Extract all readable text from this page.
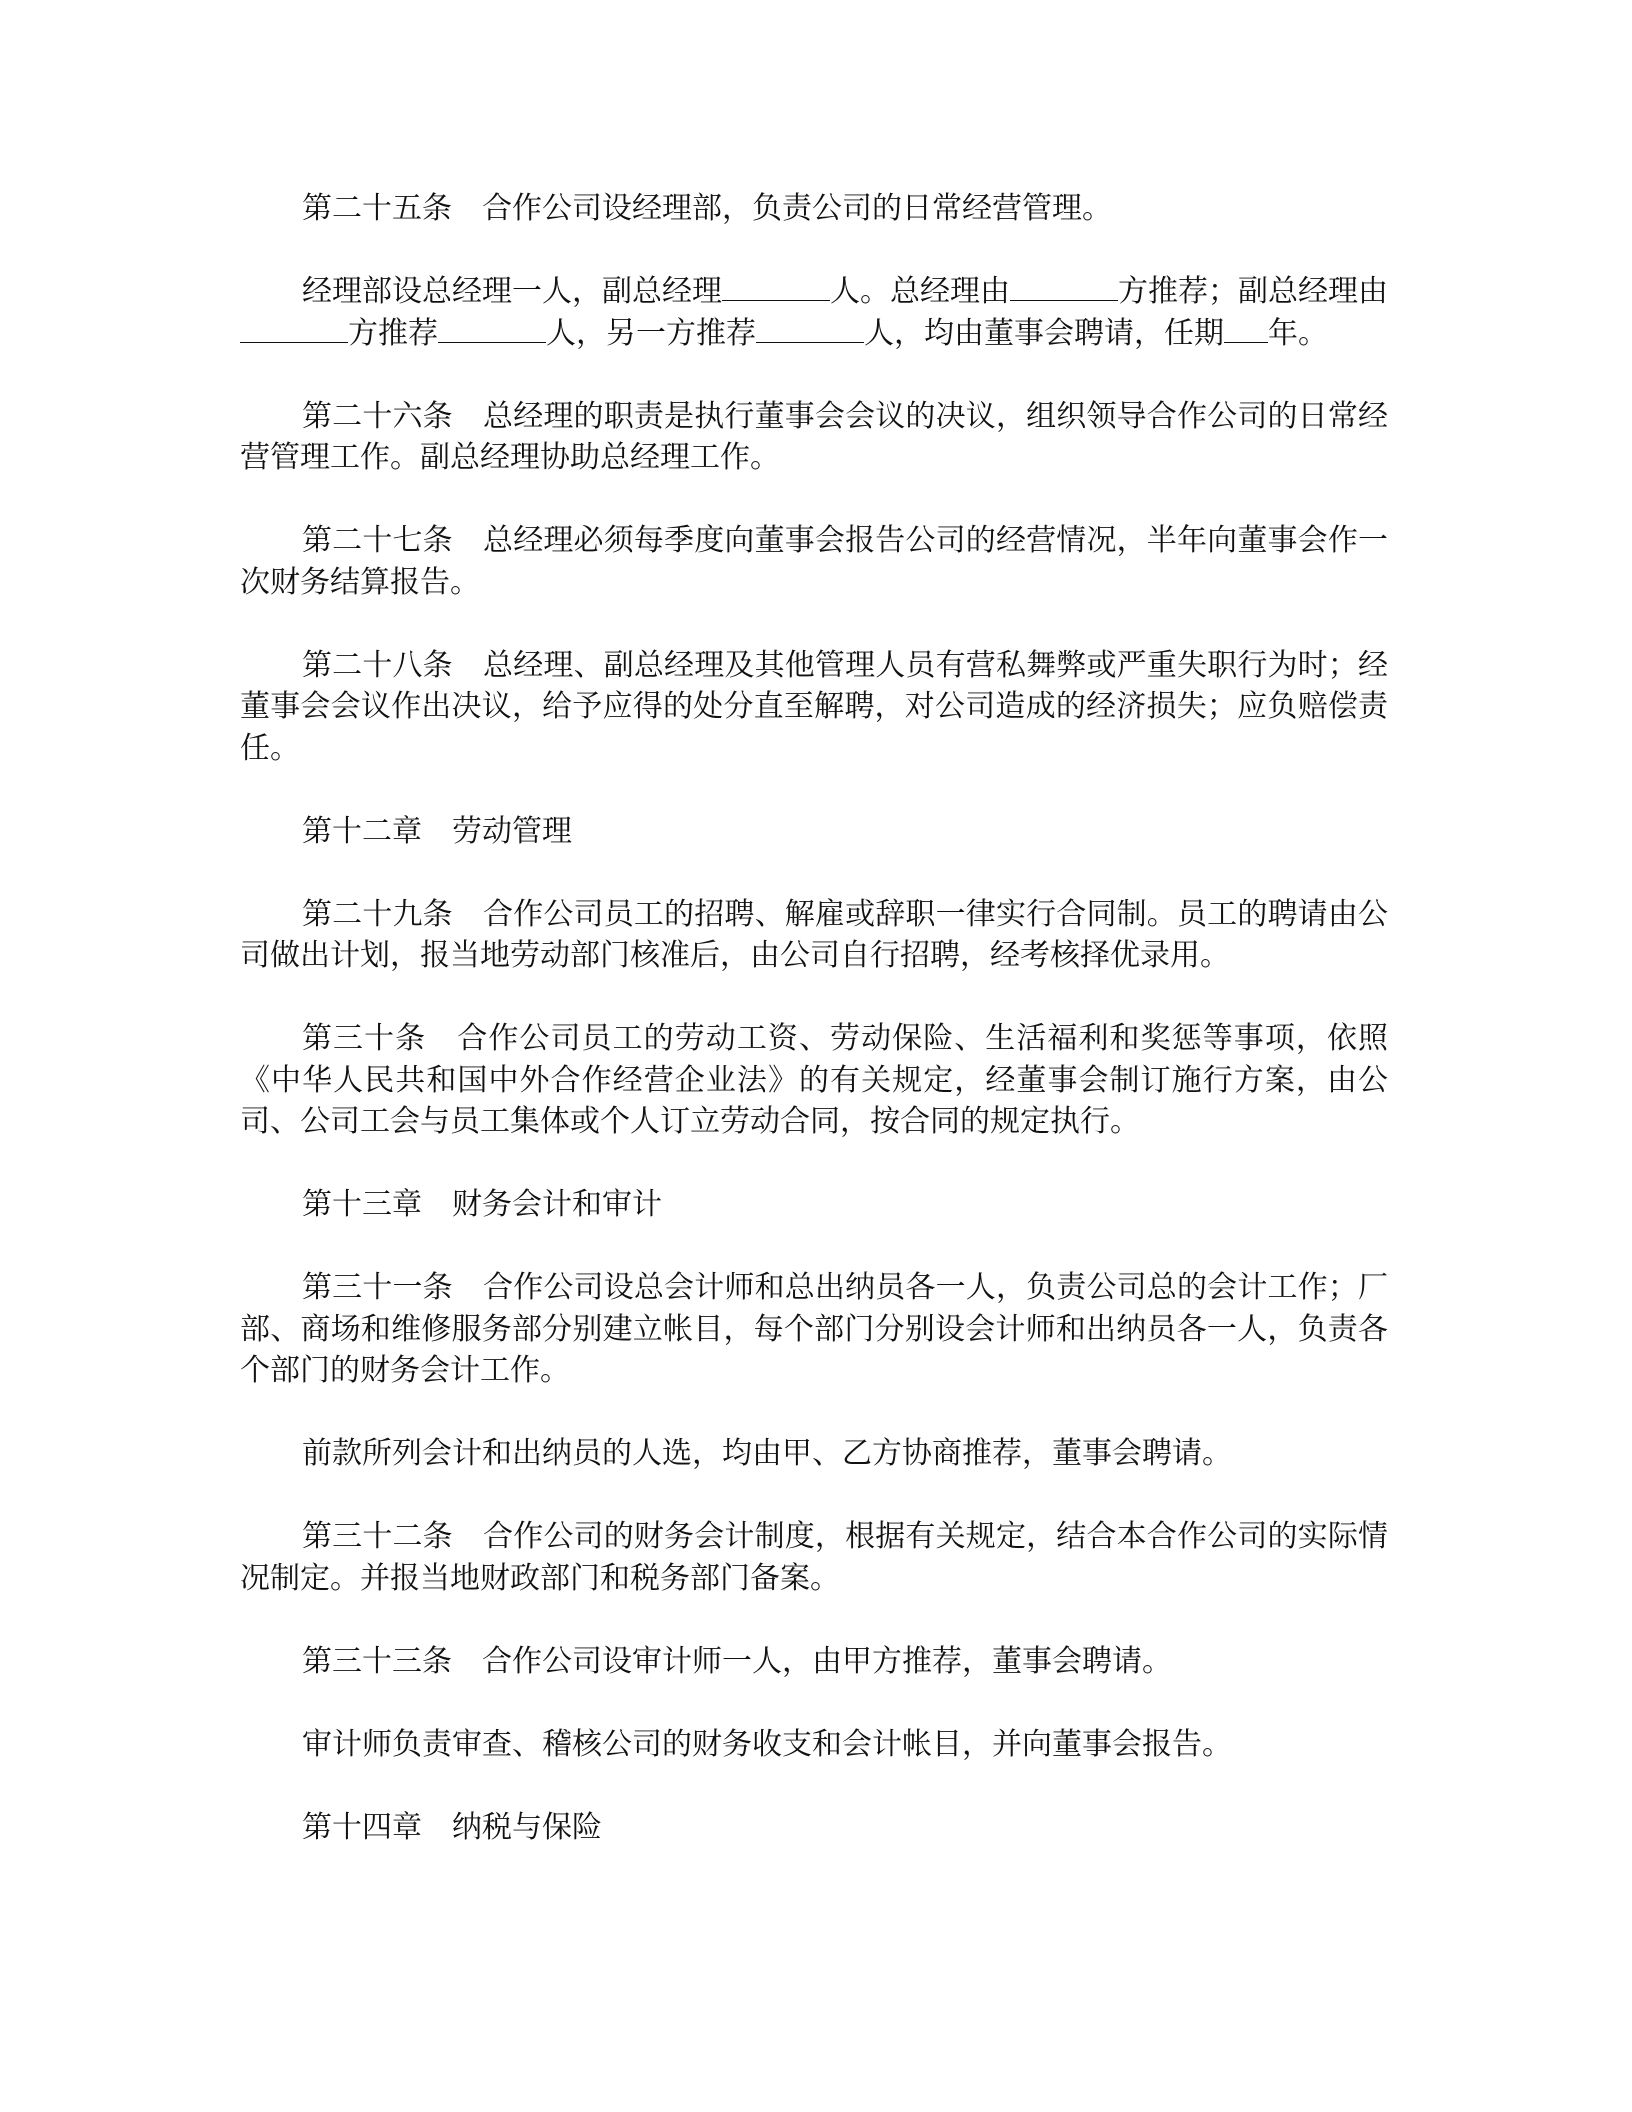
第二十五条 合作公司设经理部，负责公司的日常经营管理。

经理部设总经理一人，副总经理	人。总经理由	方推荐；副总经理由方推荐	人，另一方推荐	人，均由董事会聘请，任期 年。

第二十六条 总经理的职责是执行董事会会议的决议，组织领导合作公司的日常经营管理工作。副总经理协助总经理工作。

第二十七条 总经理必须每季度向董事会报告公司的经营情况，半年向董事会作一次财务结算报告。

第二十八条 总经理、副总经理及其他管理人员有营私舞弊或严重失职行为时；经董事会会议作出决议，给予应得的处分直至解聘，对公司造成的经济损失；应负赔偿责任。

第十二章 劳动管理

第二十九条 合作公司员工的招聘、解雇或辞职一律实行合同制。员工的聘请由公司做出计划，报当地劳动部门核准后，由公司自行招聘，经考核择优录用。

第三十条 合作公司员工的劳动工资、劳动保险、生活福利和奖惩等事项，依照《中华人民共和国中外合作经营企业法》的有关规定，经董事会制订施行方案，由公司、公司工会与员工集体或个人订立劳动合同，按合同的规定执行。

第十三章 财务会计和审计

第三十一条 合作公司设总会计师和总出纳员各一人，负责公司总的会计工作；厂部、商场和维修服务部分别建立帐目，每个部门分别设会计师和出纳员各一人，负责各个部门的财务会计工作。

前款所列会计和出纳员的人选，均由甲、乙方协商推荐，董事会聘请。

第三十二条 合作公司的财务会计制度，根据有关规定，结合本合作公司的实际情况制定。并报当地财政部门和税务部门备案。

第三十三条 合作公司设审计师一人，由甲方推荐，董事会聘请。

审计师负责审查、稽核公司的财务收支和会计帐目，并向董事会报告。

第十四章 纳税与保险
